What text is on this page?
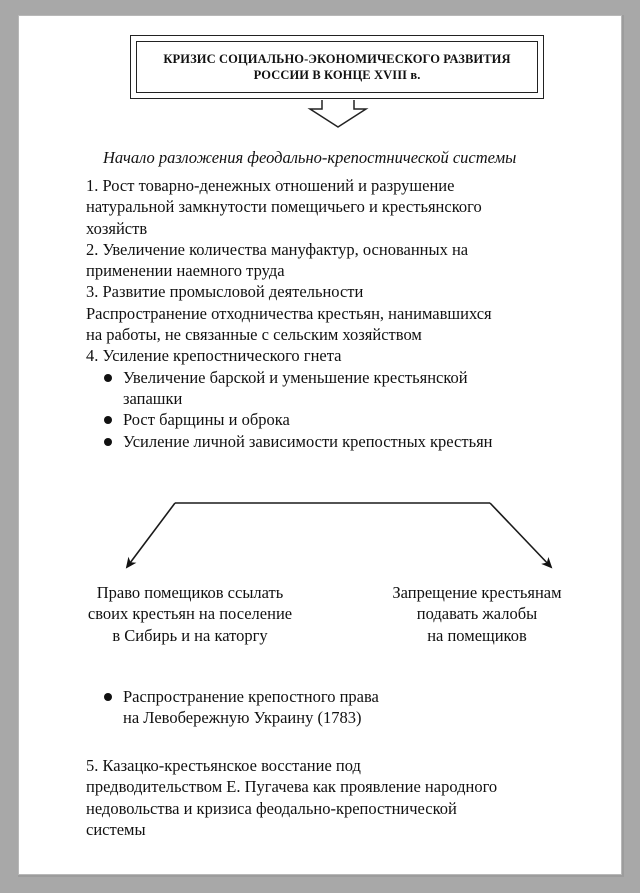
КРИЗИС СОЦИАЛЬНО-ЭКОНОМИЧЕСКОГО РАЗВИТИЯ
РОССИИ В КОНЦЕ XVIII в.
Начало разложения феодально-крепостнической системы
1. Рост товарно-денежных отношений и разрушение
натуральной замкнутости помещичьего и крестьянского
хозяйств
2. Увеличение количества мануфактур, основанных на
применении наемного труда
3. Развитие промысловой деятельности
Распространение отходничества крестьян, нанимавшихся
на работы, не связанные с сельским хозяйством
4. Усиление крепостнического гнета
Увеличение барской и уменьшение крестьянской
запашки
Рост барщины и оброка
Усиление личной зависимости крепостных крестьян
Право помещиков ссылать
своих крестьян на поселение
в Сибирь и на каторгу
Запрещение крестьянам
подавать жалобы
на помещиков
Распространение крепостного права
на Левобережную Украину (1783)
5. Казацко-крестьянское восстание под
предводительством Е. Пугачева как проявление народного
недовольства и кризиса феодально-крепостнической
системы
